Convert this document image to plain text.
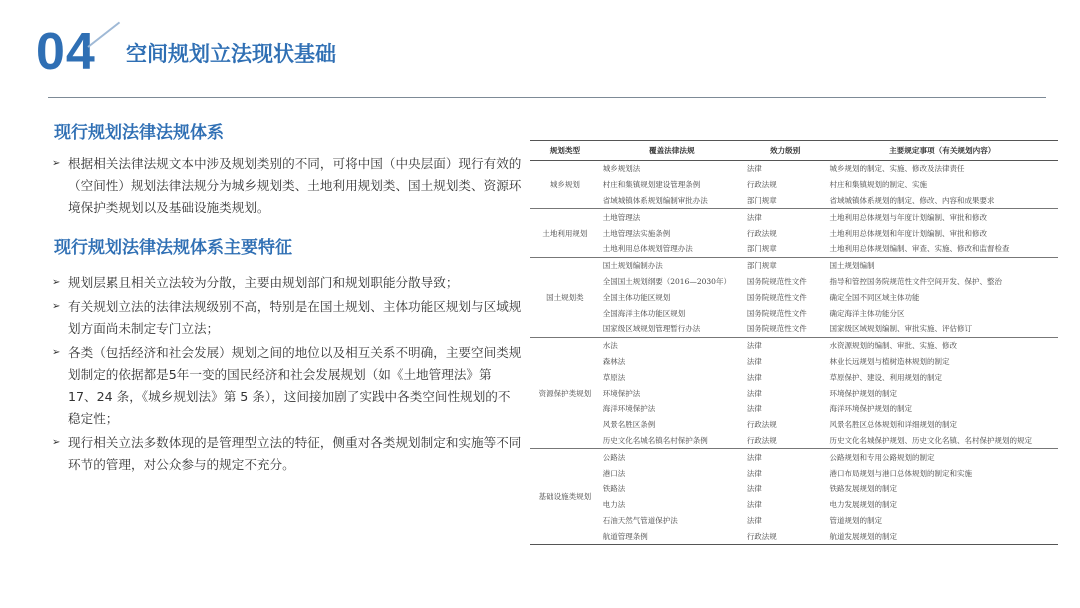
04 空间规划立法现状基础
现行规划法律法规体系
➢ 根据相关法律法规文本中涉及规划类别的不同，可将中国（中央层面）现行有效的（空间性）规划法律法规分为城乡规划类、土地利用规划类、国土规划类、资源环境保护类规划以及基础设施类规划。
现行规划法律法规体系主要特征
➢ 规划层累且相关立法较为分散，主要由规划部门和规划职能分散导致；
➢ 有关规划立法的法律法规级别不高，特别是在国土规划、主体功能区规划与区域规划方面尚未制定专门立法；
➢ 各类（包括经济和社会发展）规划之间的地位以及相互关系不明确，主要空间类规划制定的依据都是5年一变的国民经济和社会发展规划（如《土地管理法》第 17、24 条，《城乡规划法》第 5 条），这间接加剧了实践中各类空间性规划的不稳定性；
➢ 现行相关立法多数体现的是管理型立法的特征，侧重对各类规划制定和实施等不同环节的管理，对公众参与的规定不充分。
规划类型	覆盖法律法规	效力级别	主要规定事项（有关规划内容）
城乡规划	城乡规划法	法律	城乡规划的制定、实施、修改及法律责任
	村庄和集镇规划建设管理条例	行政法规	村庄和集镇规划的制定、实施
	省域城镇体系规划编制审批办法	部门规章	省域城镇体系规划的制定、修改、内容和成果要求
土地利用规划	土地管理法	法律	土地利用总体规划与年度计划编制、审批和修改
	土地管理法实施条例	行政法规	土地利用总体规划和年度计划编制、审批和修改
	土地利用总体规划管理办法	部门规章	土地利用总体规划编制、审查、实施、修改和监督检查
国土规划类	国土规划编制办法	部门规章	国土规划编制
	全国国土规划纲要（2016—2030年）	国务院规范性文件	指导和管控国务院规范性文件空间开发、保护、整治
	全国主体功能区规划	国务院规范性文件	确定全国不同区域主体功能
	全国海洋主体功能区规划	国务院规范性文件	确定海洋主体功能分区
	国家级区域规划管理暂行办法	国务院规范性文件	国家级区域规划编制、审批实施、评估修订
资源保护类规划	水法	法律	水资源规划的编制、审批、实施、修改
	森林法	法律	林业长远规划与植树造林规划的制定
	草原法	法律	草原保护、建设、利用规划的制定
	环境保护法	法律	环境保护规划的制定
	海洋环境保护法	法律	海洋环境保护规划的制定
	风景名胜区条例	行政法规	风景名胜区总体规划和详细规划的制定
	历史文化名城名镇名村保护条例	行政法规	历史文化名城保护规划、历史文化名镇、名村保护规划的规定
基础设施类规划	公路法	法律	公路规划和专用公路规划的制定
	港口法	法律	港口布局规划与港口总体规划的制定和实施
	铁路法	法律	铁路发展规划的制定
	电力法	法律	电力发展规划的制定
	石油天然气管道保护法	法律	管道规划的制定
	航道管理条例	行政法规	航道发展规划的制定
